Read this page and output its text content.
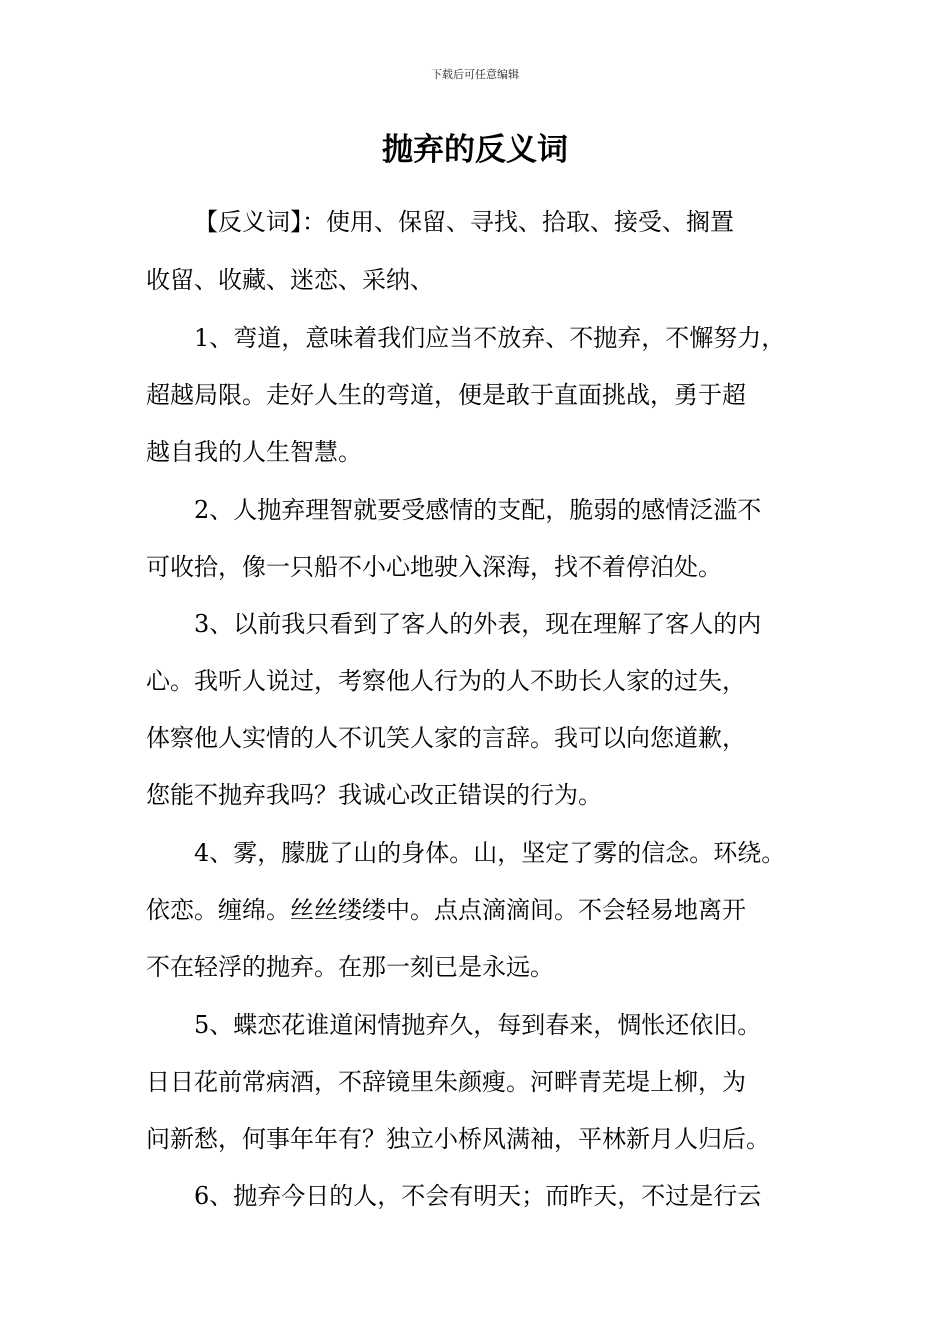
下载后可任意编辑
抛弃的反义词
【反义词】：使用、保留、寻找、拾取、接受、搁置
收留、收藏、迷恋、采纳、
1、弯道，意味着我们应当不放弃、不抛弃，不懈努力，
超越局限。走好人生的弯道，便是敢于直面挑战，勇于超
越自我的人生智慧。
2、人抛弃理智就要受感情的支配，脆弱的感情泛滥不
可收拾，像一只船不小心地驶入深海，找不着停泊处。
3、以前我只看到了客人的外表，现在理解了客人的内
心。我听人说过，考察他人行为的人不助长人家的过失，
体察他人实情的人不讥笑人家的言辞。我可以向您道歉，
您能不抛弃我吗？我诚心改正错误的行为。
4、雾，朦胧了山的身体。山，坚定了雾的信念。环绕。
依恋。缠绵。丝丝缕缕中。点点滴滴间。不会轻易地离开
不在轻浮的抛弃。在那一刻已是永远。
5、蝶恋花谁道闲情抛弃久，每到春来，惆怅还依旧。
日日花前常病酒，不辞镜里朱颜瘦。河畔青芜堤上柳，为
问新愁，何事年年有？独立小桥风满袖，平林新月人归后。
6、抛弃今日的人，不会有明天；而昨天，不过是行云
